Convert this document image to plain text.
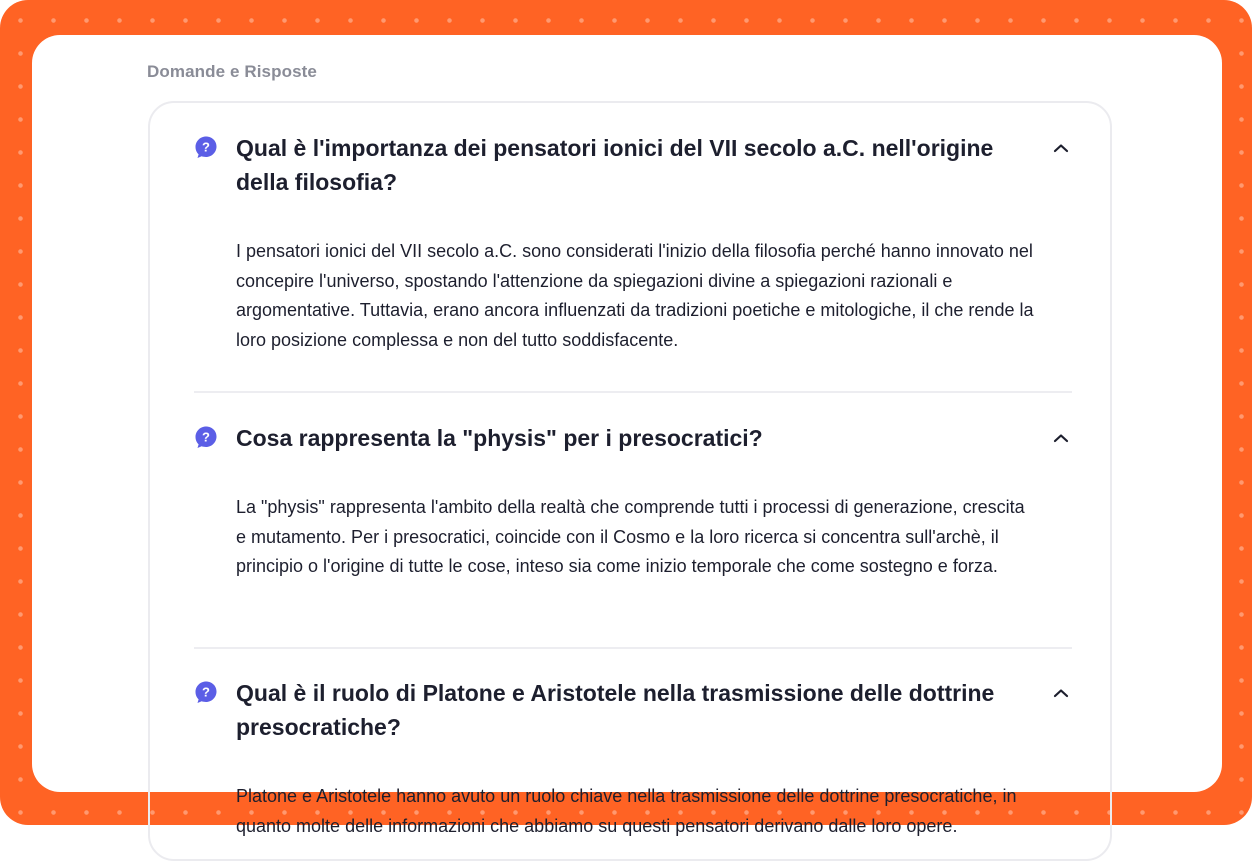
Domande e Risposte
? Qual è l'importanza dei pensatori ionici del VII secolo a.C. nell'origine della filosofia?
I pensatori ionici del VII secolo a.C. sono considerati l'inizio della filosofia perché hanno innovato nel concepire l'universo, spostando l'attenzione da spiegazioni divine a spiegazioni razionali e argomentative. Tuttavia, erano ancora influenzati da tradizioni poetiche e mitologiche, il che rende la loro posizione complessa e non del tutto soddisfacente.
? Cosa rappresenta la "physis" per i presocratici?
La "physis" rappresenta l'ambito della realtà che comprende tutti i processi di generazione, crescita e mutamento. Per i presocratici, coincide con il Cosmo e la loro ricerca si concentra sull'archè, il principio o l'origine di tutte le cose, inteso sia come inizio temporale che come sostegno e forza.
? Qual è il ruolo di Platone e Aristotele nella trasmissione delle dottrine presocratiche?
Platone e Aristotele hanno avuto un ruolo chiave nella trasmissione delle dottrine presocratiche, in quanto molte delle informazioni che abbiamo su questi pensatori derivano dalle loro opere.
